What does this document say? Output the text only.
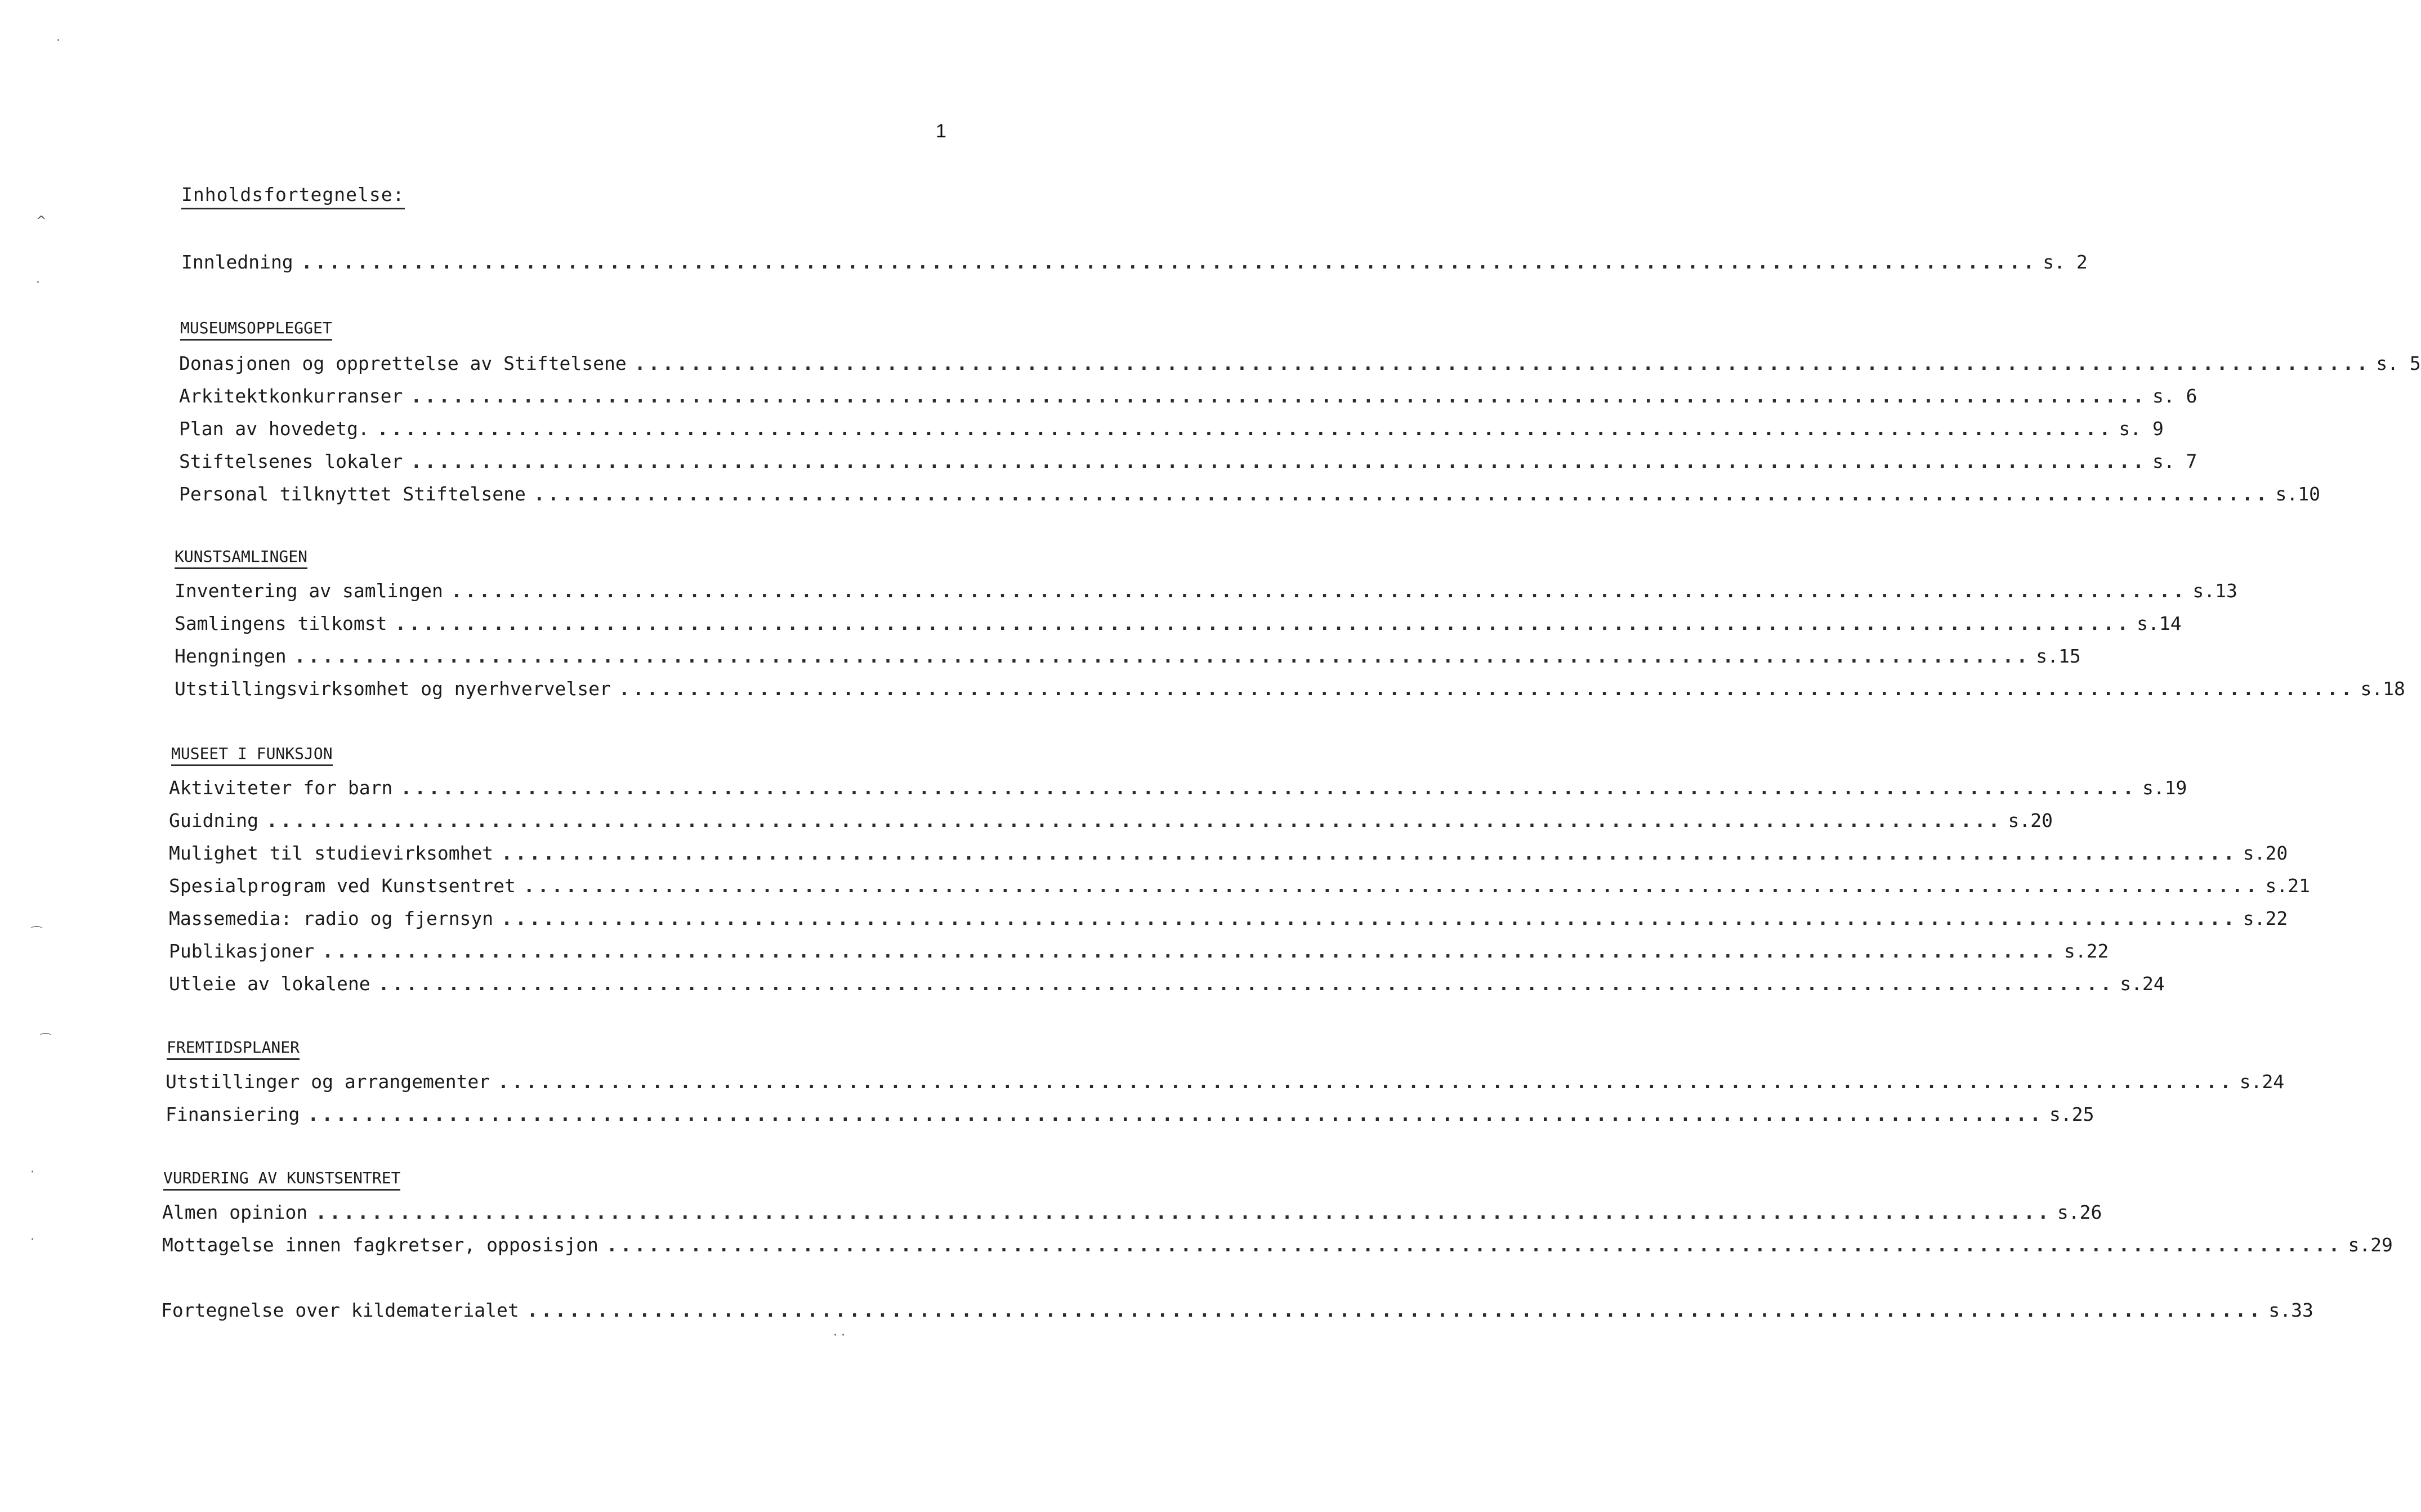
1
Inholdsfortegnelse:
Innledning ............................................................................................................................ s. 2
MUSEUMSOPPLEGGET
Donasjonen og opprettelse av Stiftelsene ............................................................................................................................ s. 5
Arkitektkonkurranser ............................................................................................................................ s. 6
Plan av hovedetg. ............................................................................................................................ s. 9
Stiftelsenes lokaler ............................................................................................................................ s. 7
Personal tilknyttet Stiftelsene ............................................................................................................................ s.10
KUNSTSAMLINGEN
Inventering av samlingen ............................................................................................................................ s.13
Samlingens tilkomst ............................................................................................................................ s.14
Hengningen ............................................................................................................................ s.15
Utstillingsvirksomhet og nyerhvervelser ............................................................................................................................ s.18
MUSEET I FUNKSJON
Aktiviteter for barn ............................................................................................................................ s.19
Guidning ............................................................................................................................ s.20
Mulighet til studievirksomhet ............................................................................................................................ s.20
Spesialprogram ved Kunstsentret ............................................................................................................................ s.21
Massemedia: radio og fjernsyn ............................................................................................................................ s.22
Publikasjoner ............................................................................................................................ s.22
Utleie av lokalene ............................................................................................................................ s.24
FREMTIDSPLANER
Utstillinger og arrangementer ............................................................................................................................ s.24
Finansiering ............................................................................................................................ s.25
VURDERING AV KUNSTSENTRET
Almen opinion ............................................................................................................................ s.26
Mottagelse innen fagkretser, opposisjon ............................................................................................................................ s.29
Fortegnelse over kildematerialet ............................................................................................................................ s.33
·
^
·
⌒
⌒
·
·
· ·
